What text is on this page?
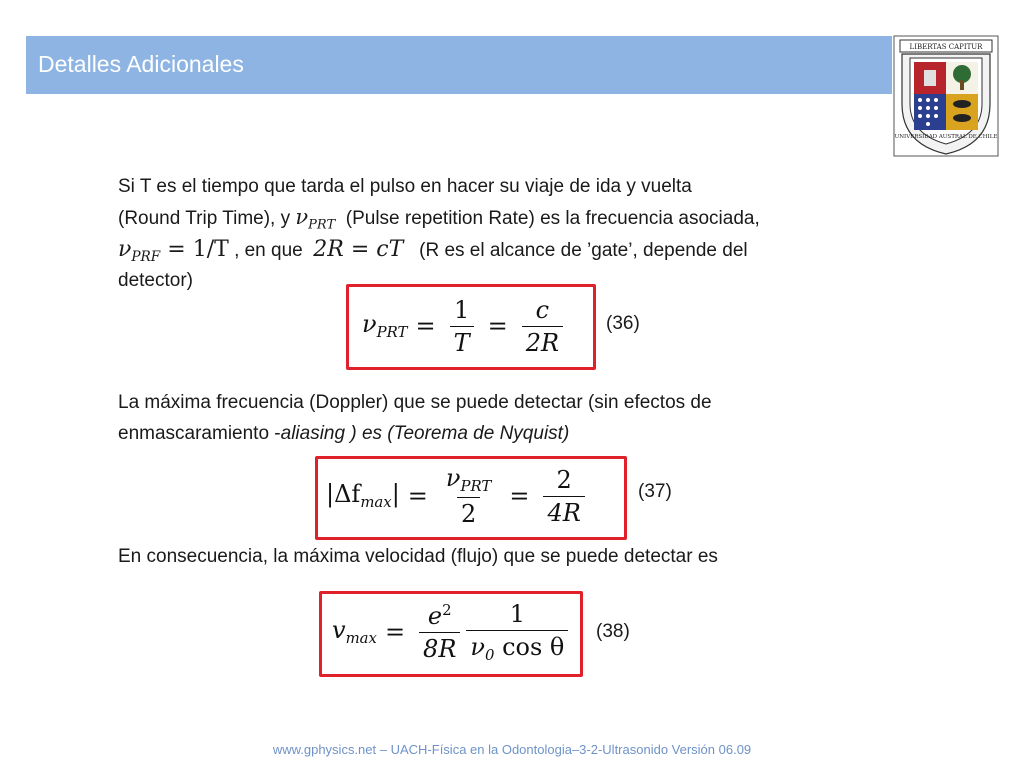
Detalles Adicionales
LIBERTAS CAPITUR
UNIVERSIDAD AUSTRAL DE CHILE
Si T es el tiempo que tarda el pulso en hacer su viaje de ida y vuelta
(Round Trip Time), y $\nu_{PRT}$ (Pulse repetition Rate) es la frecuencia asociada,
$\nu_{PRF} = 1/T$ , en que 2R = cT (R es el alcance de ’gate’, depende del
detector)
$\nu_{PRT} = \frac{1}{T} = \frac{c}{2R} (36)$
La máxima frecuencia (Doppler) que se puede detectar (sin efectos de
enmascaramiento -aliasing ) es (Teorema de Nyquist)
$|\Delta f_{max}| = \frac{\nu_{PRT}}{2} = \frac{2}{4R}$	(37)
En consecuencia, la máxima velocidad (flujo) que se puede detectar es
$v_{max} = \frac{e^2}{8R} \frac{1}{\nu_0 \cos \theta} (38)$
www.gphysics.net – UACH-Física en la Odontologia–3-2-Ultrasonido Versión 06.09
